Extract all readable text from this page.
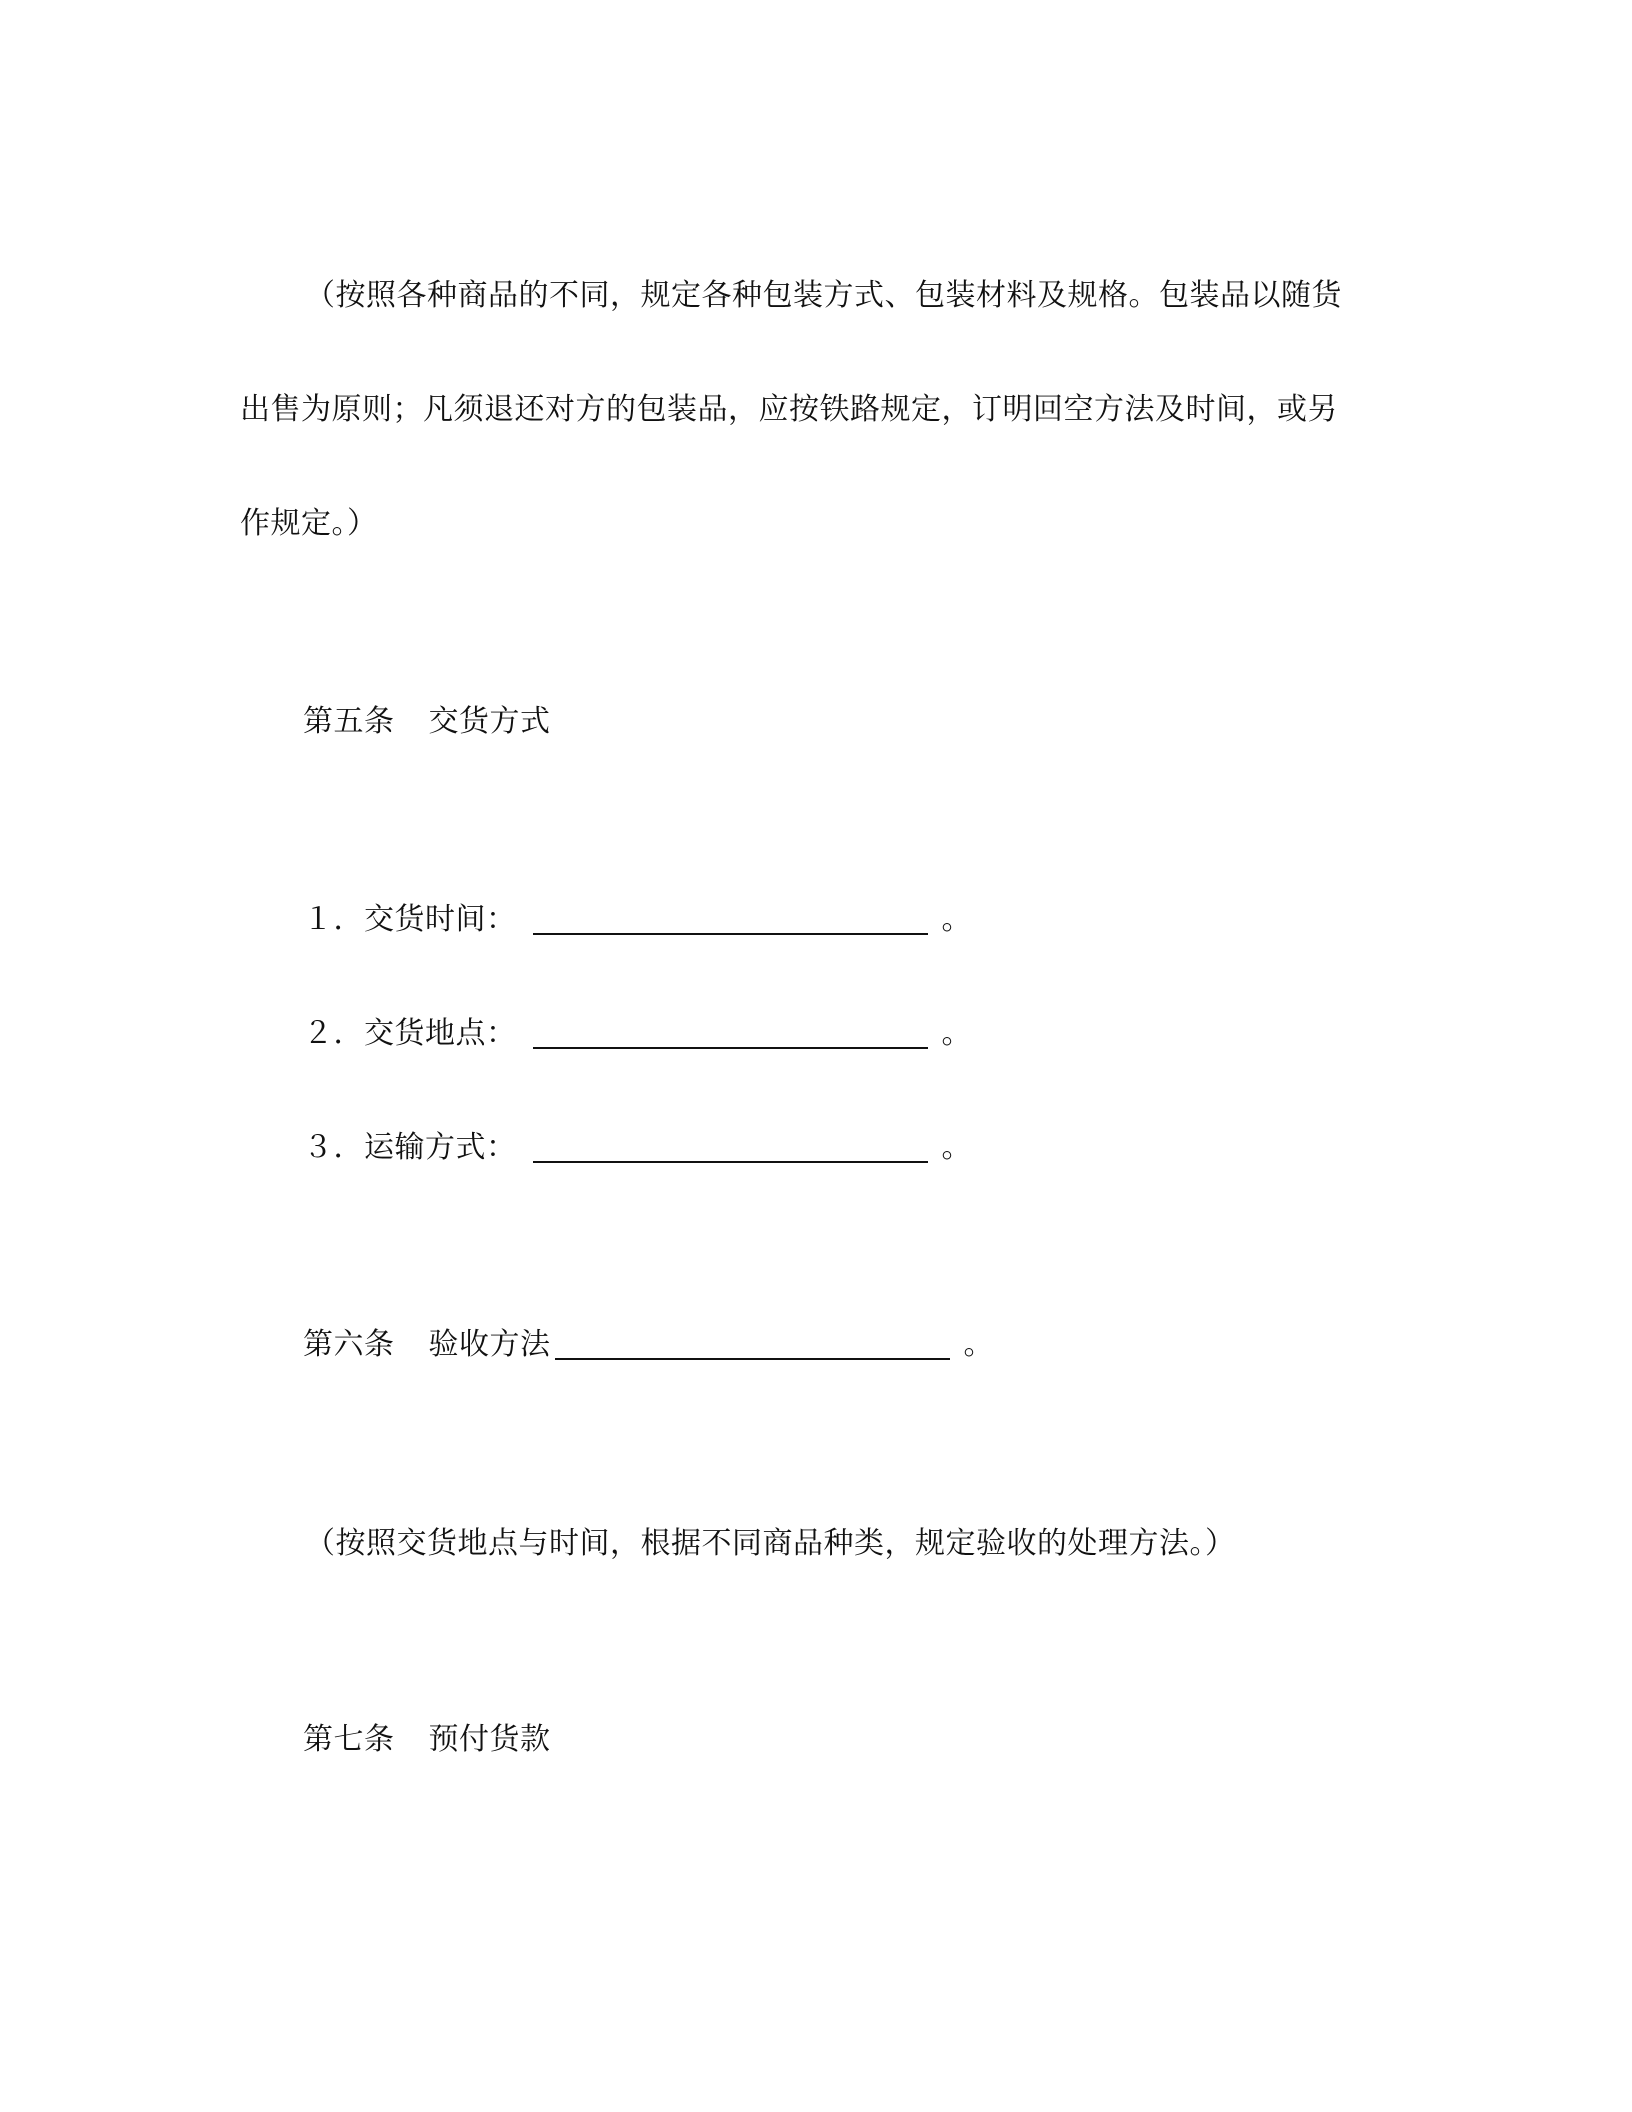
（按照各种商品的不同，规定各种包装方式、包装材料及规格。包装品以随货
出售为原则；凡须退还对方的包装品，应按铁路规定，订明回空方法及时间，或另
作规定。）
第五条 交货方式
１．交货时间：	。
２．交货地点：	。
３．运输方式：	。
第六条 验收方法	。
（按照交货地点与时间，根据不同商品种类，规定验收的处理方法。）
第七条 预付货款
